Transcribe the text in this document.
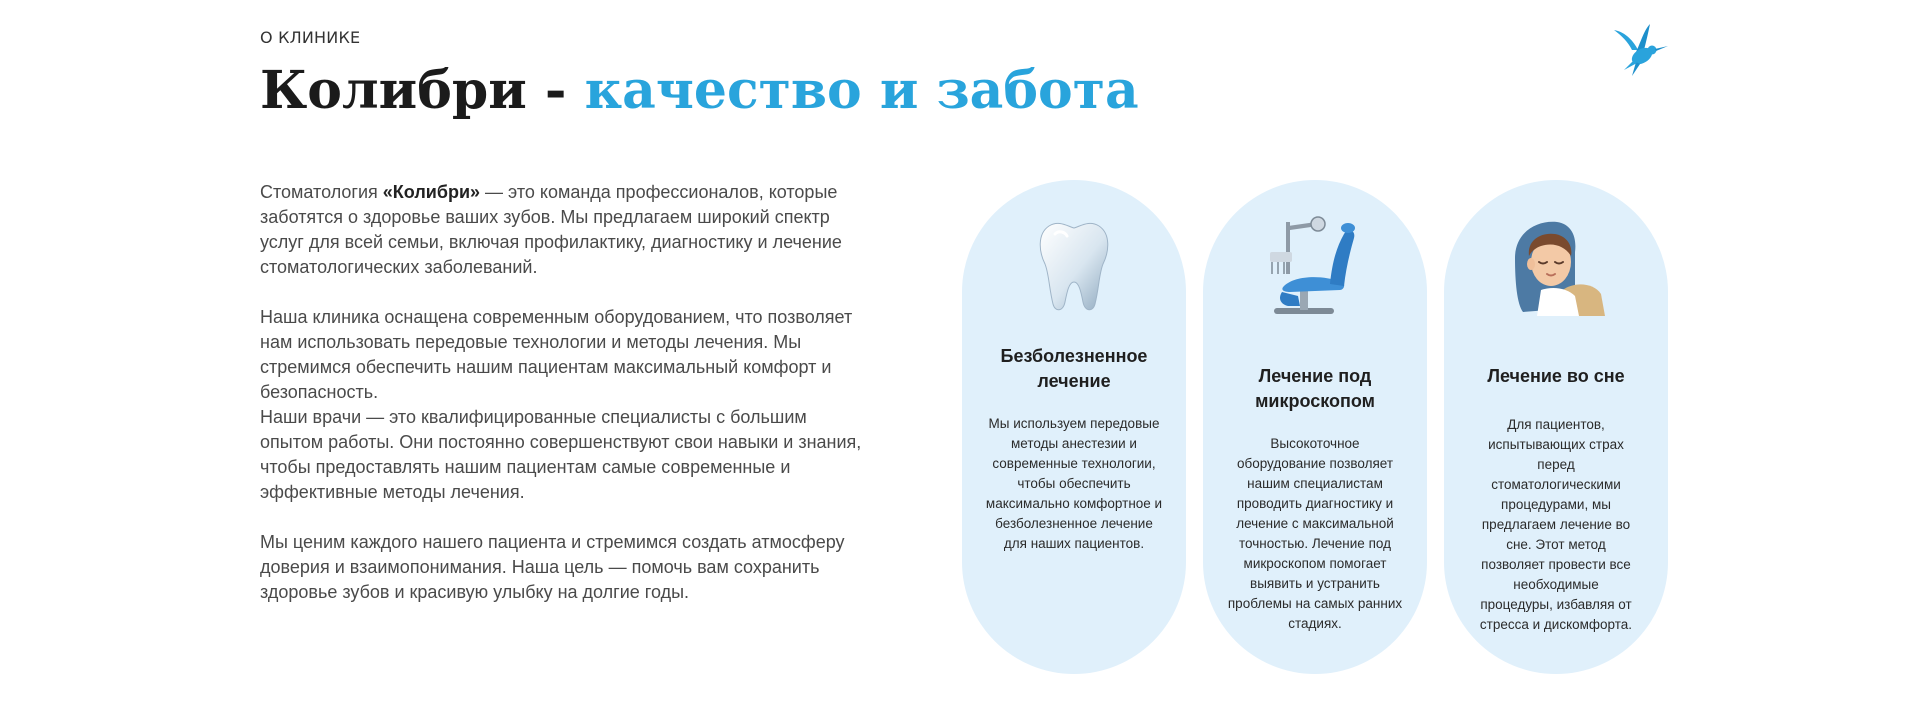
О КЛИНИКЕ
Колибри - качество и забота

Стоматология «Колибри» — это команда профессионалов, которые заботятся о здоровье ваших зубов. Мы предлагаем широкий спектр услуг для всей семьи, включая профилактику, диагностику и лечение стоматологических заболеваний.

Наша клиника оснащена современным оборудованием, что позволяет нам использовать передовые технологии и методы лечения. Мы стремимся обеспечить нашим пациентам максимальный комфорт и безопасность.

Наши врачи — это квалифицированные специалисты с большим опытом работы. Они постоянно совершенствуют свои навыки и знания, чтобы предоставлять нашим пациентам самые современные и эффективные методы лечения.

Мы ценим каждого нашего пациента и стремимся создать атмосферу доверия и взаимопонимания. Наша цель — помочь вам сохранить здоровье зубов и красивую улыбку на долгие годы.

Безболезненное лечение

Мы используем передовые методы анестезии и современные технологии, чтобы обеспечить максимально комфортное и безболезненное лечение для наших пациентов.

Лечение под микроскопом

Высокоточное оборудование позволяет нашим специалистам проводить диагностику и лечение с максимальной точностью. Лечение под микроскопом помогает выявить и устранить проблемы на самых ранних стадиях.

Лечение во сне

Для пациентов, испытывающих страх перед стоматологическими процедурами, мы предлагаем лечение во сне. Этот метод позволяет провести все необходимые процедуры, избавляя от стресса и дискомфорта.
